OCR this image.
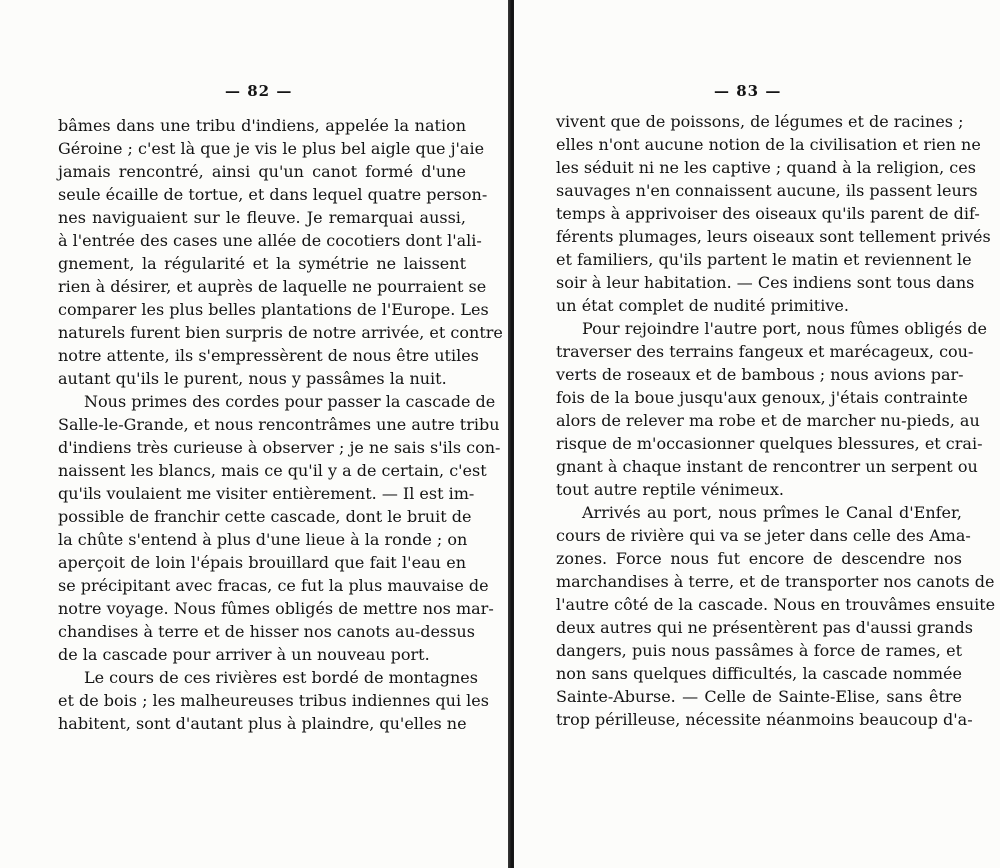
— 82 —
bâmes dans une tribu d'indiens, appelée la nation
Géroine ; c'est là que je vis le plus bel aigle que j'aie
jamais rencontré, ainsi qu'un canot formé d'une
seule écaille de tortue, et dans lequel quatre person-
nes naviguaient sur le fleuve. Je remarquai aussi,
à l'entrée des cases une allée de cocotiers dont l'ali-
gnement, la régularité et la symétrie ne laissent
rien à désirer, et auprès de laquelle ne pourraient se
comparer les plus belles plantations de l'Europe. Les
naturels furent bien surpris de notre arrivée, et contre
notre attente, ils s'empressèrent de nous être utiles
autant qu'ils le purent, nous y passâmes la nuit.
Nous primes des cordes pour passer la cascade de
Salle-le-Grande, et nous rencontrâmes une autre tribu
d'indiens très curieuse à observer ; je ne sais s'ils con-
naissent les blancs, mais ce qu'il y a de certain, c'est
qu'ils voulaient me visiter entièrement. — Il est im-
possible de franchir cette cascade, dont le bruit de
la chûte s'entend à plus d'une lieue à la ronde ; on
aperçoit de loin l'épais brouillard que fait l'eau en
se précipitant avec fracas, ce fut la plus mauvaise de
notre voyage. Nous fûmes obligés de mettre nos mar-
chandises à terre et de hisser nos canots au-dessus
de la cascade pour arriver à un nouveau port.
Le cours de ces rivières est bordé de montagnes
et de bois ; les malheureuses tribus indiennes qui les
habitent, sont d'autant plus à plaindre, qu'elles ne
— 83 —
vivent que de poissons, de légumes et de racines ;
elles n'ont aucune notion de la civilisation et rien ne
les séduit ni ne les captive ; quand à la religion, ces
sauvages n'en connaissent aucune, ils passent leurs
temps à apprivoiser des oiseaux qu'ils parent de dif-
férents plumages, leurs oiseaux sont tellement privés
et familiers, qu'ils partent le matin et reviennent le
soir à leur habitation. — Ces indiens sont tous dans
un état complet de nudité primitive.
Pour rejoindre l'autre port, nous fûmes obligés de
traverser des terrains fangeux et marécageux, cou-
verts de roseaux et de bambous ; nous avions par-
fois de la boue jusqu'aux genoux, j'étais contrainte
alors de relever ma robe et de marcher nu-pieds, au
risque de m'occasionner quelques blessures, et crai-
gnant à chaque instant de rencontrer un serpent ou
tout autre reptile vénimeux.
Arrivés au port, nous prîmes le Canal d'Enfer,
cours de rivière qui va se jeter dans celle des Ama-
zones. Force nous fut encore de descendre nos
marchandises à terre, et de transporter nos canots de
l'autre côté de la cascade. Nous en trouvâmes ensuite
deux autres qui ne présentèrent pas d'aussi grands
dangers, puis nous passâmes à force de rames, et
non sans quelques difficultés, la cascade nommée
Sainte-Aburse. — Celle de Sainte-Elise, sans être
trop périlleuse, nécessite néanmoins beaucoup d'a-
